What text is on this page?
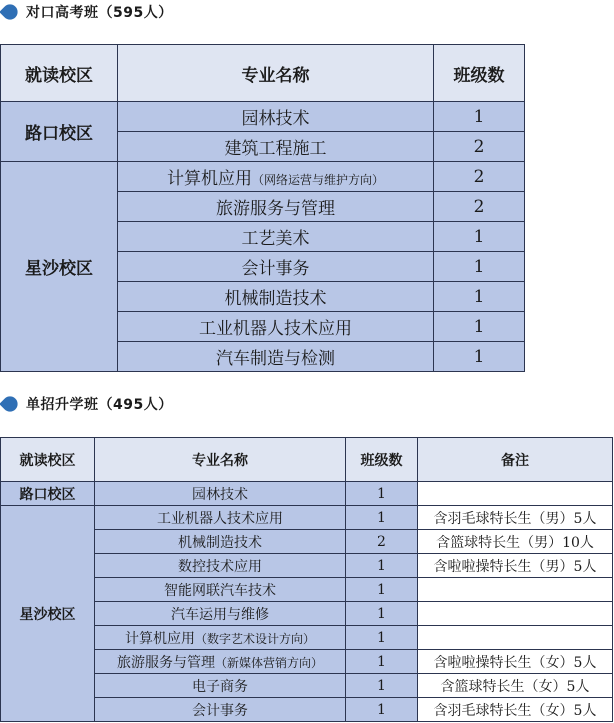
对口高考班（595人）
就读校区	专业名称	班级数
路口校区	园林技术	1
	建筑工程施工	2
星沙校区	计算机应用（网络运营与维护方向）	2
	旅游服务与管理	2
	工艺美术	1
	会计事务	1
	机械制造技术	1
	工业机器人技术应用	1
	汽车制造与检测	1
单招升学班（495人）
就读校区	专业名称	班级数	备注
路口校区	园林技术	1	
星沙校区	工业机器人技术应用	1	含羽毛球特长生（男）5人
	机械制造技术	2	含篮球特长生（男）10人
	数控技术应用	1	含啦啦操特长生（男）5人
	智能网联汽车技术	1	
	汽车运用与维修	1	
	计算机应用（数字艺术设计方向）	1	
	旅游服务与管理（新媒体营销方向）	1	含啦啦操特长生（女）5人
	电子商务	1	含篮球特长生（女）5人
	会计事务	1	含羽毛球特长生（女）5人
